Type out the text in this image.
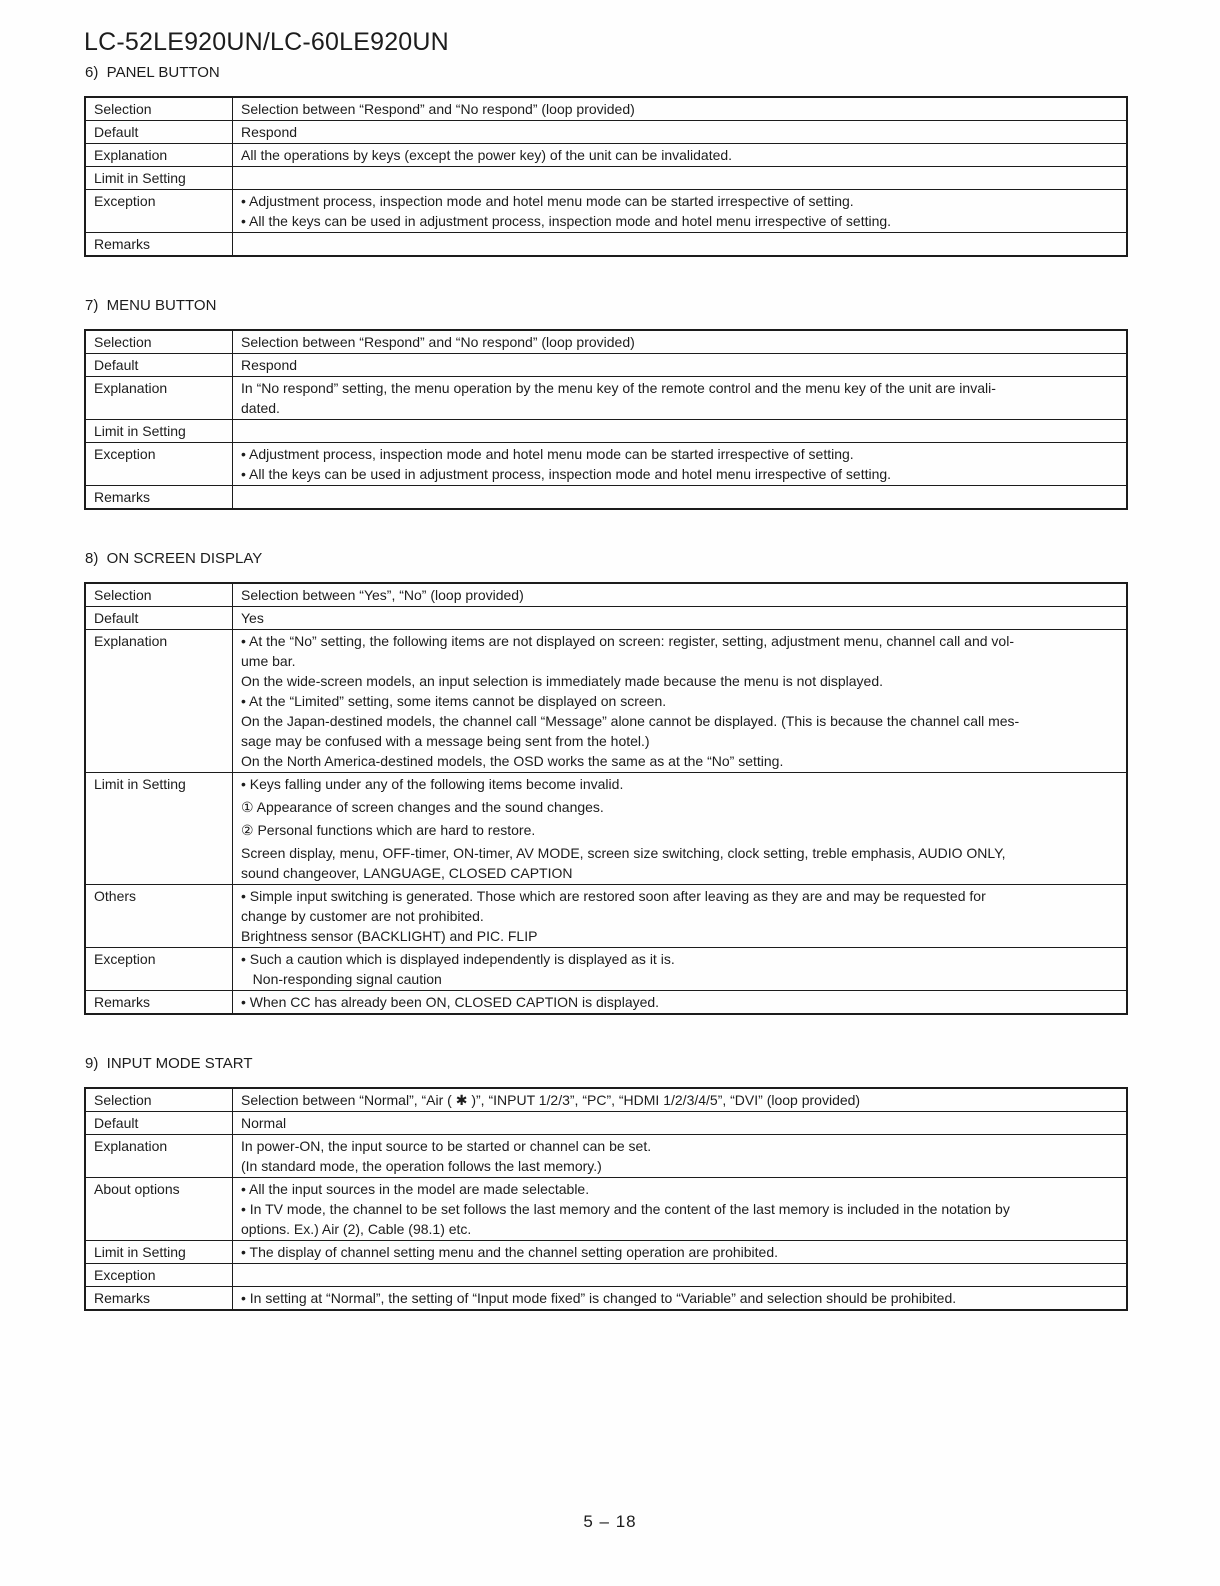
LC-52LE920UN/LC-60LE920UN
6)  PANEL BUTTON
Selection	Selection between “Respond” and “No respond” (loop provided)

Default	Respond

Explanation	All the operations by keys (except the power key) of the unit can be invalidated.

Limit in Setting	
Exception	• Adjustment process, inspection mode and hotel menu mode can be started irrespective of setting.
• All the keys can be used in adjustment process, inspection mode and hotel menu irrespective of setting.

Remarks	
7)  MENU BUTTON
Selection	Selection between “Respond” and “No respond” (loop provided)

Default	Respond

Explanation	In “No respond” setting, the menu operation by the menu key of the remote control and the menu key of the unit are invali-
dated.

Limit in Setting	
Exception	• Adjustment process, inspection mode and hotel menu mode can be started irrespective of setting.
• All the keys can be used in adjustment process, inspection mode and hotel menu irrespective of setting.

Remarks	
8)  ON SCREEN DISPLAY
Selection	Selection between “Yes”, “No” (loop provided)

Default	Yes

Explanation	• At the “No” setting, the following items are not displayed on screen: register, setting, adjustment menu, channel call and vol-
ume bar.
On the wide-screen models, an input selection is immediately made because the menu is not displayed.
• At the “Limited” setting, some items cannot be displayed on screen.
On the Japan-destined models, the channel call “Message” alone cannot be displayed. (This is because the channel call mes-
sage may be confused with a message being sent from the hotel.)
On the North America-destined models, the OSD works the same as at the “No” setting.

Limit in Setting	• Keys falling under any of the following items become invalid.
① Appearance of screen changes and the sound changes.
② Personal functions which are hard to restore.
Screen display, menu, OFF-timer, ON-timer, AV MODE, screen size switching, clock setting, treble emphasis, AUDIO ONLY,
sound changeover, LANGUAGE, CLOSED CAPTION

Others	• Simple input switching is generated. Those which are restored soon after leaving as they are and may be requested for
change by customer are not prohibited.
Brightness sensor (BACKLIGHT) and PIC. FLIP

Exception	• Such a caution which is displayed independently is displayed as it is.
Non-responding signal caution

Remarks	• When CC has already been ON, CLOSED CAPTION is displayed.
9)  INPUT MODE START
Selection	Selection between “Normal”, “Air ( ✱ )”, “INPUT 1/2/3”, “PC”, “HDMI 1/2/3/4/5”, “DVI” (loop provided)

Default	Normal

Explanation	In power-ON, the input source to be started or channel can be set.
(In standard mode, the operation follows the last memory.)

About options	• All the input sources in the model are made selectable.
• In TV mode, the channel to be set follows the last memory and the content of the last memory is included in the notation by
options. Ex.) Air (2), Cable (98.1) etc.

Limit in Setting	• The display of channel setting menu and the channel setting operation are prohibited.

Exception	
Remarks	• In setting at “Normal”, the setting of “Input mode fixed” is changed to “Variable” and selection should be prohibited.
5 – 18
